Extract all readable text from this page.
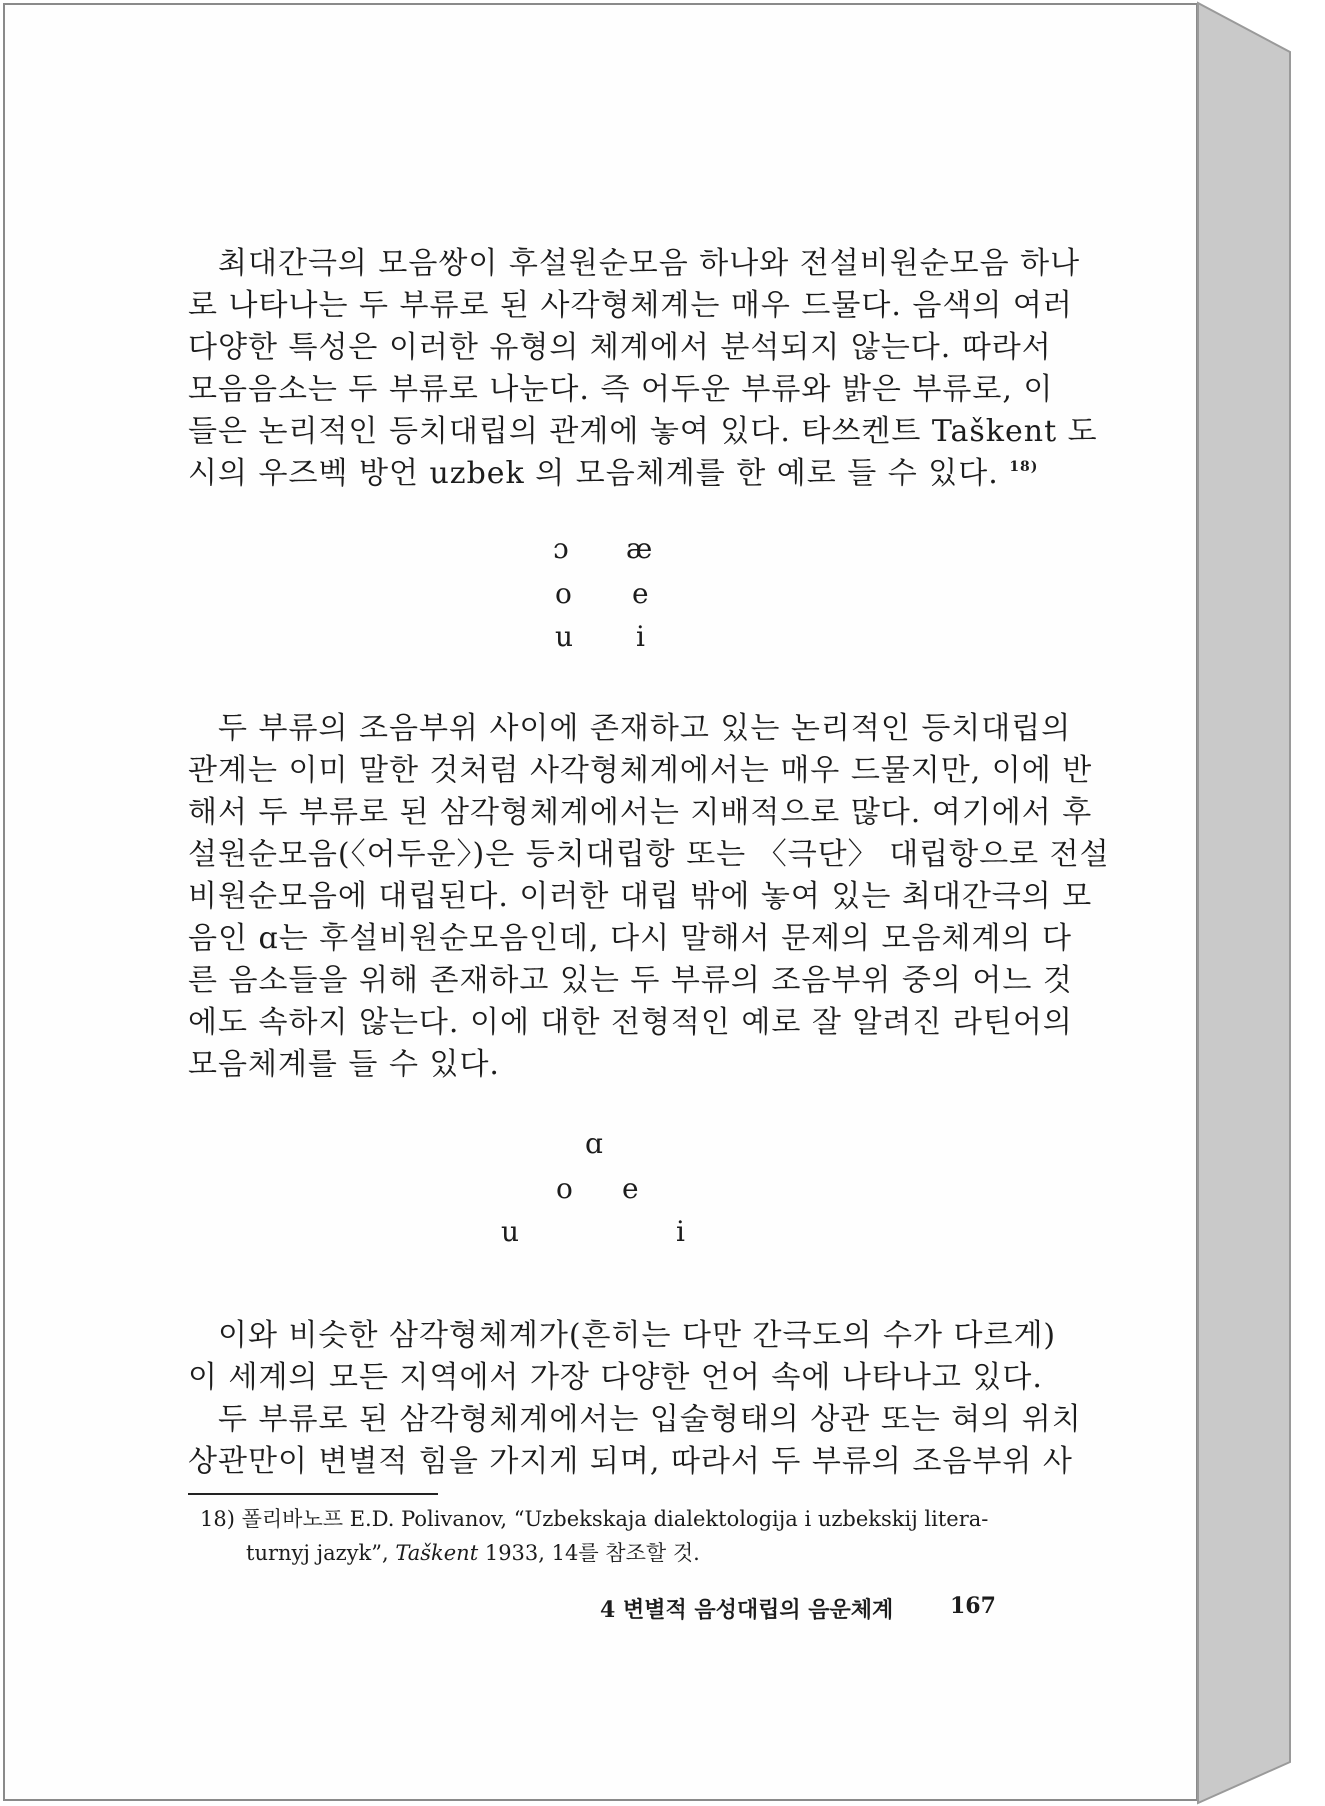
최대간극의 모음쌍이 후설원순모음 하나와 전설비원순모음 하나
로 나타나는 두 부류로 된 사각형체계는 매우 드물다. 음색의 여러
다양한 특성은 이러한 유형의 체계에서 분석되지 않는다. 따라서
모음음소는 두 부류로 나눈다. 즉 어두운 부류와 밝은 부류로, 이
들은 논리적인 등치대립의 관계에 놓여 있다. 타쓰켄트 Taškent 도
시의 우즈벡 방언 uzbek 의 모음체계를 한 예로 들 수 있다. $^{18)}$
ɔ æ
o e
u i
두 부류의 조음부위 사이에 존재하고 있는 논리적인 등치대립의
관계는 이미 말한 것처럼 사각형체계에서는 매우 드물지만, 이에 반
해서 두 부류로 된 삼각형체계에서는 지배적으로 많다. 여기에서 후
설원순모음(〈어두운〉)은 등치대립항 또는 〈극단〉 대립항으로 전설
비원순모음에 대립된다. 이러한 대립 밖에 놓여 있는 최대간극의 모
음인 ɑ는 후설비원순모음인데, 다시 말해서 문제의 모음체계의 다
른 음소들을 위해 존재하고 있는 두 부류의 조음부위 중의 어느 것
에도 속하지 않는다. 이에 대한 전형적인 예로 잘 알려진 라틴어의
모음체계를 들 수 있다.
ɑ
o e
u	i
이와 비슷한 삼각형체계가(흔히는 다만 간극도의 수가 다르게)
이 세계의 모든 지역에서 가장 다양한 언어 속에 나타나고 있다.
두 부류로 된 삼각형체계에서는 입술형태의 상관 또는 혀의 위치
상관만이 변별적 힘을 가지게 되며, 따라서 두 부류의 조음부위 사
18) 폴리바노프 E.D. Polivanov, “Uzbekskaja dialektologija i uzbekskij litera-
turnyj jazyk”, Taškent 1933, 14를 참조할 것.
4 변별적 음성대립의 음운체계	167
